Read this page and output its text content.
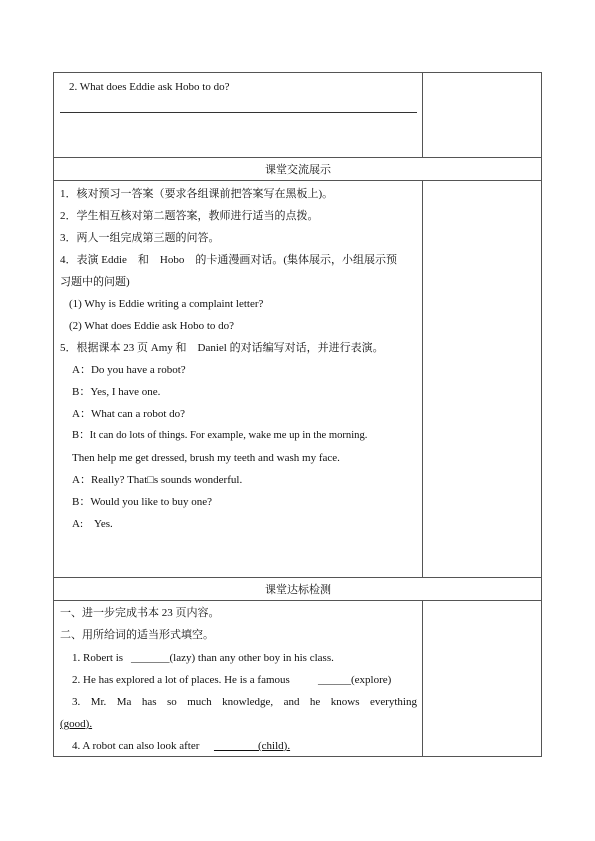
2. What does Eddie ask Hobo to do?
课堂交流展示
1．核对预习一答案（要求各组课前把答案写在黑板上)。
2．学生相互核对第二题答案，教师进行适当的点拨。
3．两人一组完成第三题的问答。
4．表演 Eddie　和　Hobo　的卡通漫画对话。(集体展示，小组展示预
习题中的问题)
(1) Why is Eddie writing a complaint letter?
(2) What does Eddie ask Hobo to do?
5．根据课本 23 页 Amy 和　Daniel 的对话编写对话，并进行表演。
A：Do you have a robot?
B：Yes, I have one.
A：What can a robot do?
B：It can do lots of things. For example, wake me up in the morning.
Then help me get dressed, brush my teeth and wash my face.
A：Really? That□s sounds wonderful.
B：Would you like to buy one?
A:　Yes.
课堂达标检测
一、进一步完成书本 23 页内容。
二、用所给词的适当形式填空。
1. Robert is _______(lazy) than any other boy in his class.
2. He has explored a lot of places. He is a famous	______(explore)
3. Mr. Ma has so much knowledge, and he knows everything
(good).
4. A robot can also look after ________(child).
